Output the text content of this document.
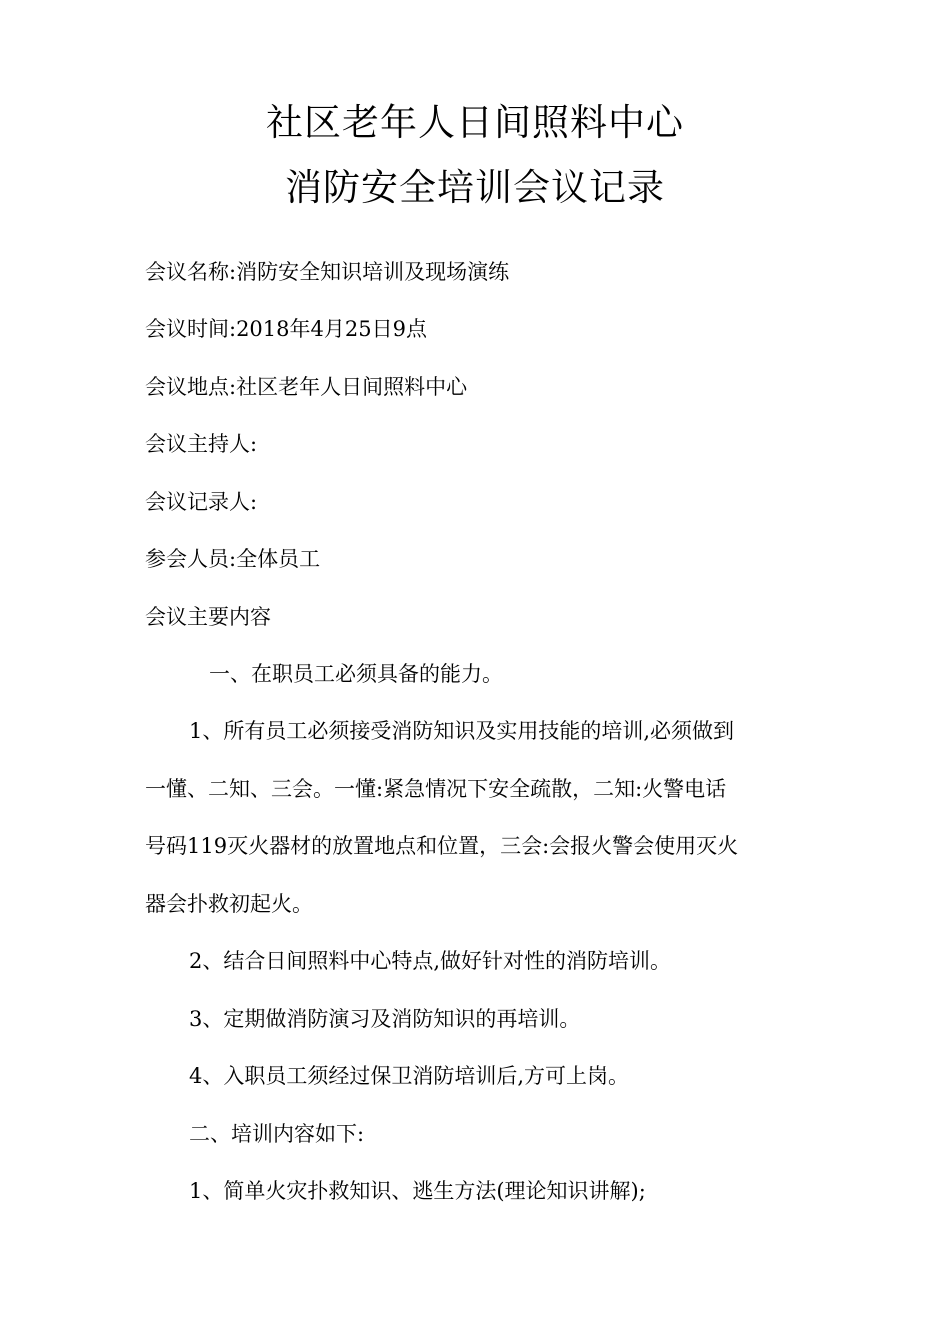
社区老年人日间照料中心
消防安全培训会议记录
会议名称:消防安全知识培训及现场演练
会议时间:2018年4月25日9点
会议地点:社区老年人日间照料中心
会议主持人:
会议记录人:
参会人员:全体员工
会议主要内容
一、在职员工必须具备的能力。
1、所有员工必须接受消防知识及实用技能的培训,必须做到
一懂、二知、三会。一懂:紧急情况下安全疏散，二知:火警电话
号码119灭火器材的放置地点和位置，三会:会报火警会使用灭火
器会扑救初起火。
2、结合日间照料中心特点,做好针对性的消防培训。
3、定期做消防演习及消防知识的再培训。
4、入职员工须经过保卫消防培训后,方可上岗。
二、培训内容如下:
1、简单火灾扑救知识、逃生方法(理论知识讲解);
